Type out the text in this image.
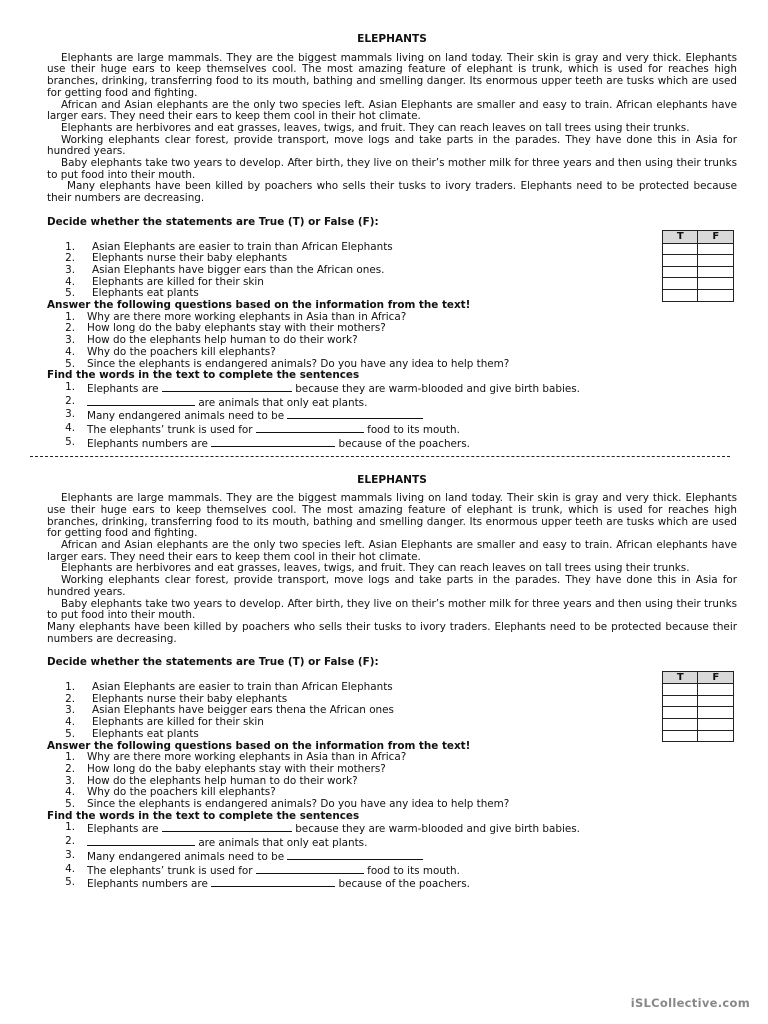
ELEPHANTS

Elephants are large mammals. They are the biggest mammals living on land today. Their skin is gray and very thick. Elephants use their huge ears to keep themselves cool. The most amazing feature of elephant is trunk, which is used for reaches high branches, drinking, transferring food to its mouth, bathing and smelling danger. Its enormous upper teeth are tusks which are used for getting food and fighting.

African and Asian elephants are the only two species left. Asian Elephants are smaller and easy to train. African elephants have larger ears. They need their ears to keep them cool in their hot climate.

Elephants are herbivores and eat grasses, leaves, twigs, and fruit. They can reach leaves on tall trees using their trunks.

Working elephants clear forest, provide transport, move logs and take parts in the parades. They have done this in Asia for hundred years.

Baby elephants take two years to develop. After birth, they live on their’s mother milk for three years and then using their trunks to put food into their mouth.

Many elephants have been killed by poachers who sells their tusks to ivory traders. Elephants need to be protected because their numbers are decreasing.

Decide whether the statements are True (T) or False (F):
T	F

1. Asian Elephants are easier to train than African Elephants
2. Elephants nurse their baby elephants
3. Asian Elephants have bigger ears than the African ones.
4. Elephants are killed for their skin
5. Elephants eat plants
Answer the following questions based on the information from the text!
1. Why are there more working elephants in Asia than in Africa?
2. How long do the baby elephants stay with their mothers?
3. How do the elephants help human to do their work?
4. Why do the poachers kill elephants?
5. Since the elephants is endangered animals? Do you have any idea to help them?
Find the words in the text to complete the sentences
1. Elephants are	because they are warm-blooded and give birth babies.
2.	are animals that only eat plants.
3. Many endangered animals need to be
4. The elephants’ trunk is used for	food to its mouth.
5. Elephants numbers are	because of the poachers.
ELEPHANTS

Elephants are large mammals. They are the biggest mammals living on land today. Their skin is gray and very thick. Elephants use their huge ears to keep themselves cool. The most amazing feature of elephant is trunk, which is used for reaches high branches, drinking, transferring food to its mouth, bathing and smelling danger. Its enormous upper teeth are tusks which are used for getting food and fighting.

African and Asian elephants are the only two species left. Asian Elephants are smaller and easy to train. African elephants have larger ears. They need their ears to keep them cool in their hot climate.

Elephants are herbivores and eat grasses, leaves, twigs, and fruit. They can reach leaves on tall trees using their trunks.

Working elephants clear forest, provide transport, move logs and take parts in the parades. They have done this in Asia for hundred years.

Baby elephants take two years to develop. After birth, they live on their’s mother milk for three years and then using their trunks to put food into their mouth.

Many elephants have been killed by poachers who sells their tusks to ivory traders. Elephants need to be protected because their numbers are decreasing.

Decide whether the statements are True (T) or False (F):
T	F

1. Asian Elephants are easier to train than African Elephants
2. Elephants nurse their baby elephants
3. Asian Elephants have beigger ears thena the African ones
4. Elephants are killed for their skin
5. Elephants eat plants
Answer the following questions based on the information from the text!
1. Why are there more working elephants in Asia than in Africa?
2. How long do the baby elephants stay with their mothers?
3. How do the elephants help human to do their work?
4. Why do the poachers kill elephants?
5. Since the elephants is endangered animals? Do you have any idea to help them?
Find the words in the text to complete the sentences
1. Elephants are	because they are warm-blooded and give birth babies.
2.	are animals that only eat plants.
3. Many endangered animals need to be
4. The elephants’ trunk is used for	food to its mouth.
5. Elephants numbers are	because of the poachers.
iSLCollective.com
